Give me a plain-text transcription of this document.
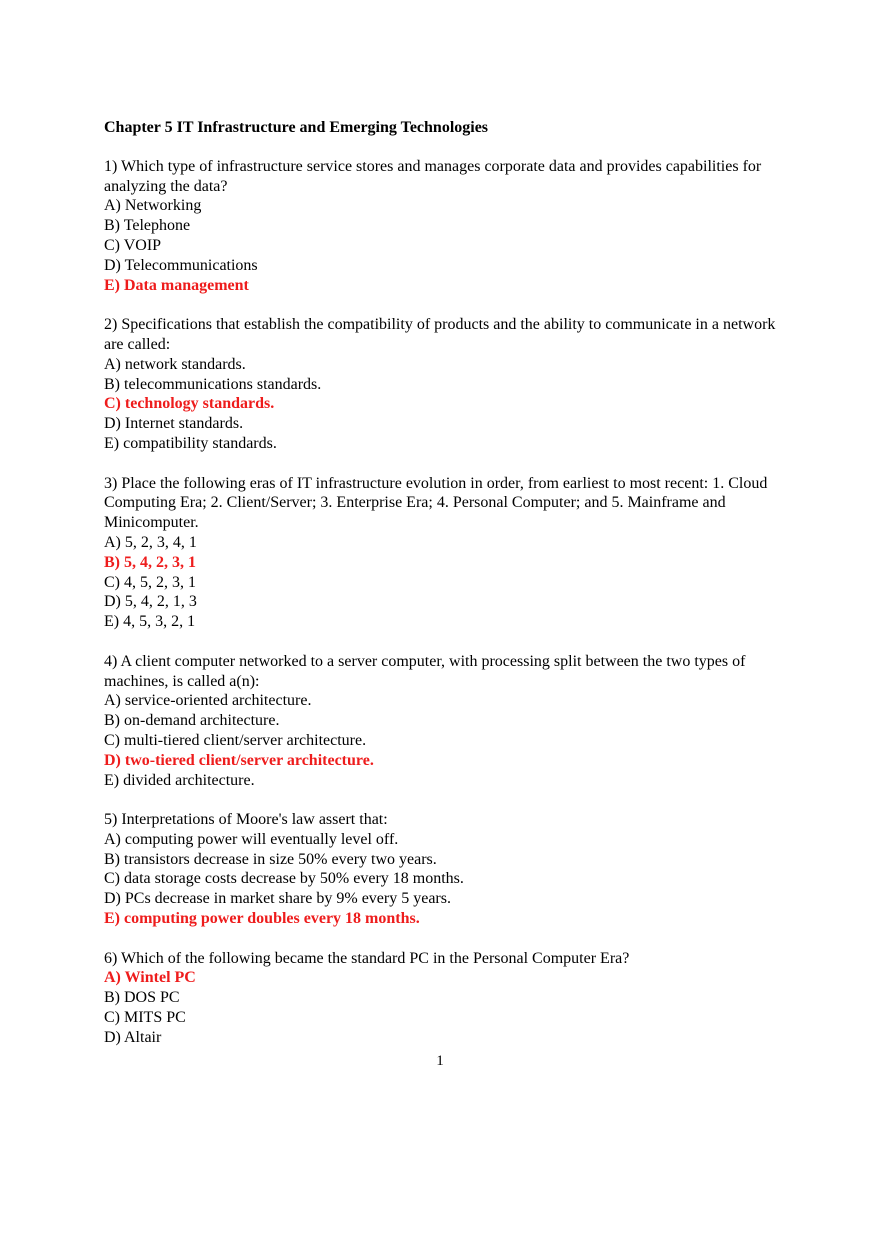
Chapter 5 IT Infrastructure and Emerging Technologies
1) Which type of infrastructure service stores and manages corporate data and provides capabilities for analyzing the data?
A) Networking
B) Telephone
C) VOIP
D) Telecommunications
E) Data management
2) Specifications that establish the compatibility of products and the ability to communicate in a network are called:
A) network standards.
B) telecommunications standards.
C) technology standards.
D) Internet standards.
E) compatibility standards.
3) Place the following eras of IT infrastructure evolution in order, from earliest to most recent: 1. Cloud Computing Era; 2. Client/Server; 3. Enterprise Era; 4. Personal Computer; and 5. Mainframe and Minicomputer.
A) 5, 2, 3, 4, 1
B) 5, 4, 2, 3, 1
C) 4, 5, 2, 3, 1
D) 5, 4, 2, 1, 3
E) 4, 5, 3, 2, 1
4) A client computer networked to a server computer, with processing split between the two types of machines, is called a(n):
A) service-oriented architecture.
B) on-demand architecture.
C) multi-tiered client/server architecture.
D) two-tiered client/server architecture.
E) divided architecture.
5) Interpretations of Moore's law assert that:
A) computing power will eventually level off.
B) transistors decrease in size 50% every two years.
C) data storage costs decrease by 50% every 18 months.
D) PCs decrease in market share by 9% every 5 years.
E) computing power doubles every 18 months.
6) Which of the following became the standard PC in the Personal Computer Era?
A) Wintel PC
B) DOS PC
C) MITS PC
D) Altair
1
